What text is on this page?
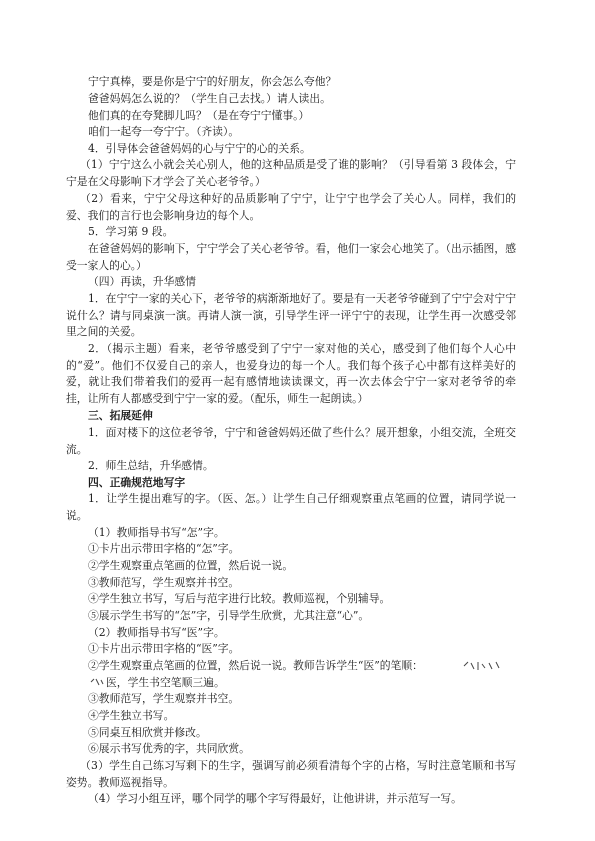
宁宁真棒，要是你是宁宁的好朋友，你会怎么夸他？

爸爸妈妈怎么说的？（学生自己去找。）请人读出。

他们真的在夸凳脚儿吗？（是在夸宁宁懂事。）

咱们一起夸一夸宁宁。（齐读）。

4．引导体会爸爸妈妈的心与宁宁的心的关系。

（1）宁宁这么小就会关心别人，他的这种品质是受了谁的影响？（引导看第 3 段体会，宁宁是在父母影响下才学会了关心老爷爷。）

（2）看来，宁宁父母这种好的品质影响了宁宁，让宁宁也学会了关心人。同样，我们的爱、我们的言行也会影响身边的每个人。

5．学习第 9 段。

在爸爸妈妈的影响下，宁宁学会了关心老爷爷。看，他们一家会心地笑了。（出示插图，感受一家人的心。）

（四）再读，升华感情

1．在宁宁一家的关心下，老爷爷的病渐渐地好了。要是有一天老爷爷碰到了宁宁会对宁宁说什么？请与同桌演一演。再请人演一演，引导学生评一评宁宁的表现，让学生再一次感受邻里之间的关爱。

2．（揭示主题）看来，老爷爷感受到了宁宁一家对他的关心，感受到了他们每个人心中的“爱”。他们不仅爱自己的亲人，也爱身边的每一个人。我们每个孩子心中都有这样美好的爱，就让我们带着我们的爱再一起有感情地读读课文，再一次去体会宁宁一家对老爷爷的牵挂，让所有人都感受到宁宁一家的爱。（配乐，师生一起朗读。）

三、拓展延伸

1．面对楼下的这位老爷爷，宁宁和爸爸妈妈还做了些什么？展开想象，小组交流，全班交流。

2．师生总结，升华感情。

四、正确规范地写字

1．让学生提出难写的字。（医、怎。）让学生自己仔细观察重点笔画的位置，请同学说一说。

（1）教师指导书写“怎”字。

①卡片出示带田字格的“怎”字。

②学生观察重点笔画的位置，然后说一说。

③教师范写，学生观察并书空。

④学生独立书写，写后与范字进行比较。教师巡视，个别辅导。

⑤展示学生书写的“怎”字，引导学生欣赏，尤其注意“心”。

（2）教师指导书写“医”字。

①卡片出示带田字格的“医”字。

②学生观察重点笔画的位置，然后说一说。教师告诉学生“医”的笔顺：

医，学生书空笔顺三遍。

③教师范写，学生观察并书空。

④学生独立书写。

⑤同桌互相欣赏并修改。

⑥展示书写优秀的字，共同欣赏。

（3）学生自己练习写剩下的生字，强调写前必须看清每个字的占格，写时注意笔顺和书写姿势。教师巡视指导。

（4）学习小组互评，哪个同学的哪个字写得最好，让他讲讲，并示范写一写。
